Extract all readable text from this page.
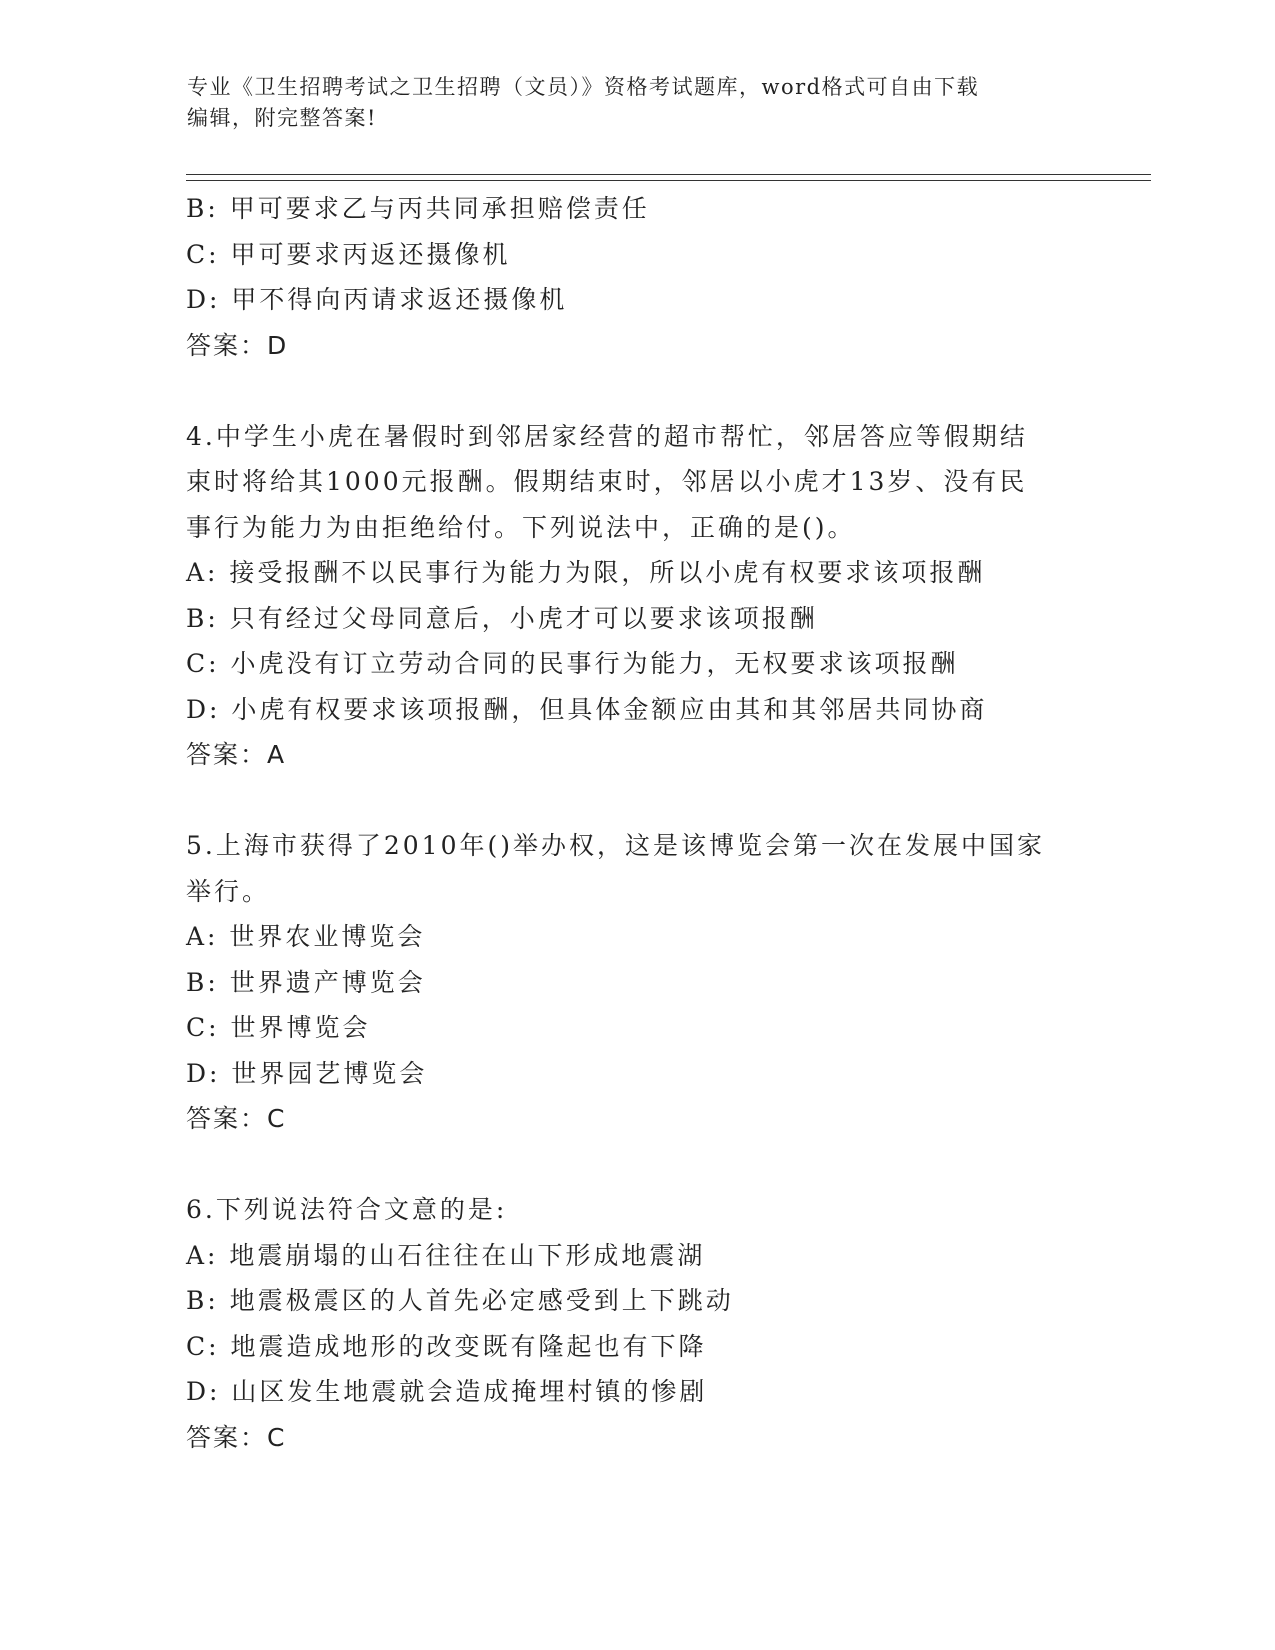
专业《卫生招聘考试之卫生招聘（文员）》资格考试题库，word格式可自由下载
编辑，附完整答案!
B: 甲可要求乙与丙共同承担赔偿责任
C: 甲可要求丙返还摄像机
D: 甲不得向丙请求返还摄像机
答案：D
4.中学生小虎在暑假时到邻居家经营的超市帮忙，邻居答应等假期结
束时将给其1000元报酬。假期结束时，邻居以小虎才13岁、没有民
事行为能力为由拒绝给付。下列说法中，正确的是()。
A: 接受报酬不以民事行为能力为限，所以小虎有权要求该项报酬
B: 只有经过父母同意后，小虎才可以要求该项报酬
C: 小虎没有订立劳动合同的民事行为能力，无权要求该项报酬
D: 小虎有权要求该项报酬，但具体金额应由其和其邻居共同协商
答案：A
5.上海市获得了2010年()举办权，这是该博览会第一次在发展中国家
举行。
A: 世界农业博览会
B: 世界遗产博览会
C: 世界博览会
D: 世界园艺博览会
答案：C
6.下列说法符合文意的是:
A: 地震崩塌的山石往往在山下形成地震湖
B: 地震极震区的人首先必定感受到上下跳动
C: 地震造成地形的改变既有隆起也有下降
D: 山区发生地震就会造成掩埋村镇的惨剧
答案：C
